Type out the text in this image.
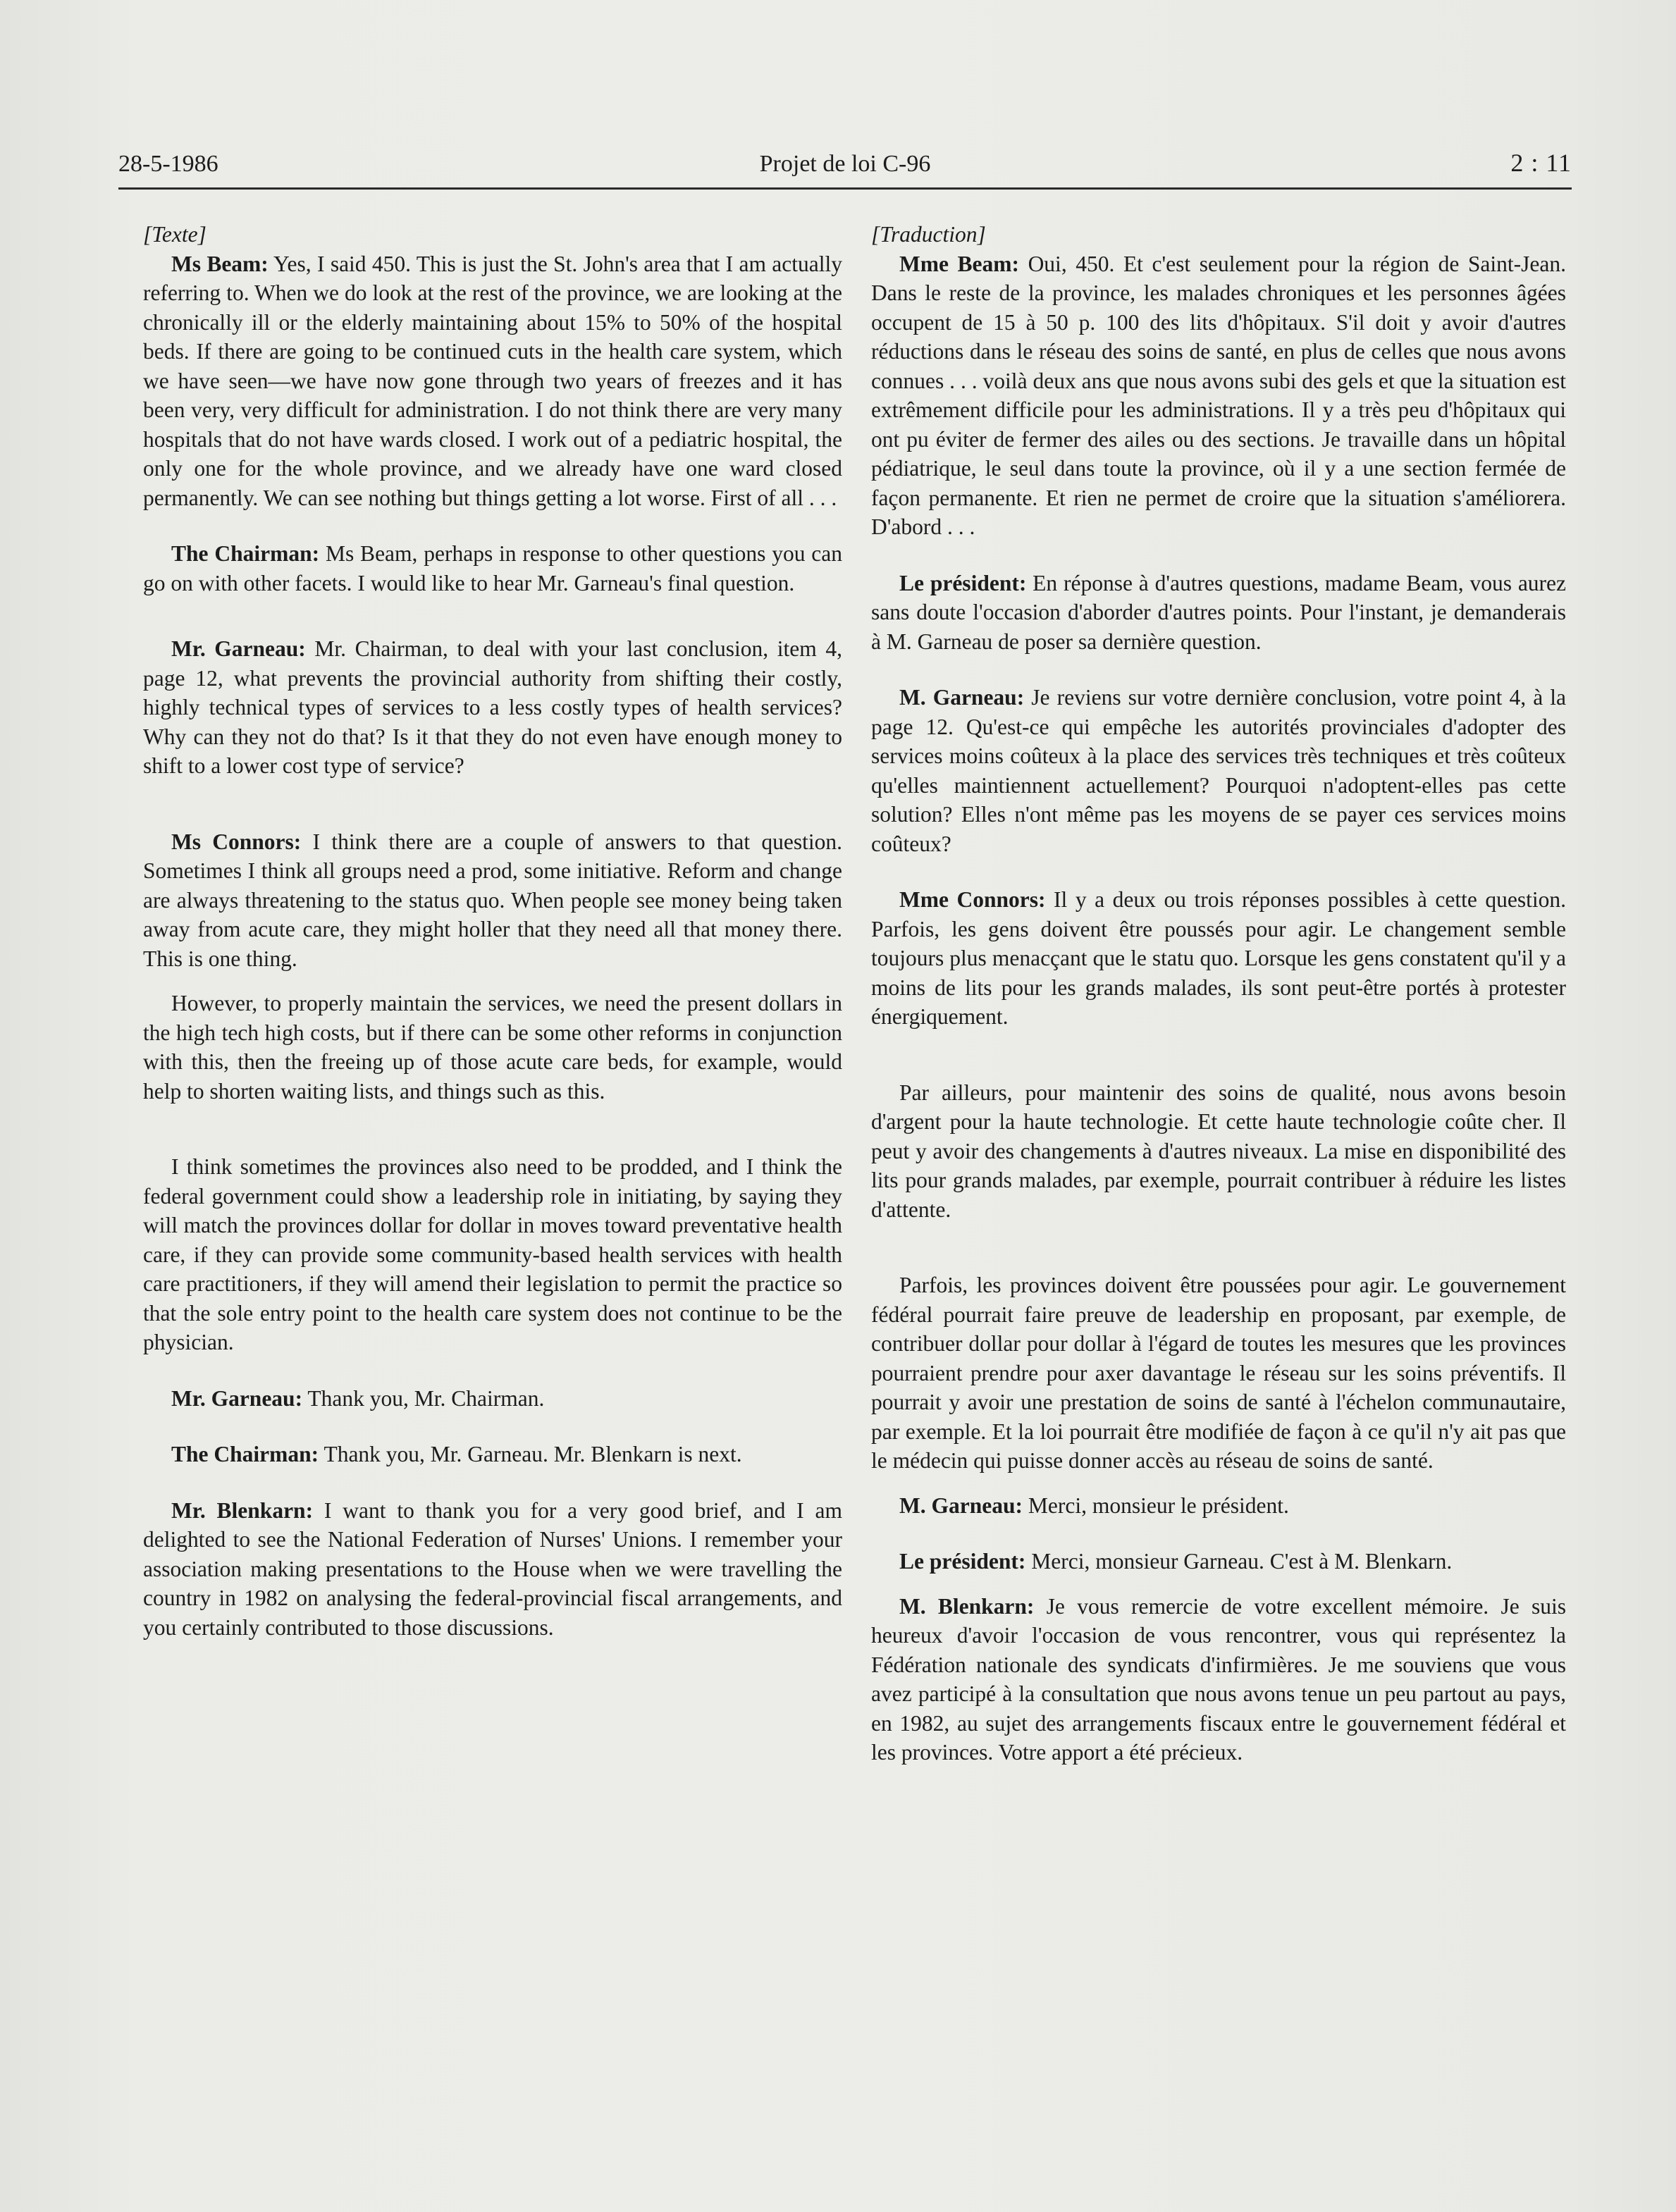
28-5-1986	Projet de loi C-96	2 : 11
[Texte]

Ms Beam: Yes, I said 450. This is just the St. John's area that I am actually referring to. When we do look at the rest of the province, we are looking at the chronically ill or the elderly maintaining about 15% to 50% of the hospital beds. If there are going to be continued cuts in the health care system, which we have seen—we have now gone through two years of freezes and it has been very, very difficult for administration. I do not think there are very many hospitals that do not have wards closed. I work out of a pediatric hospital, the only one for the whole province, and we already have one ward closed permanently. We can see nothing but things getting a lot worse. First of all . . .

The Chairman: Ms Beam, perhaps in response to other questions you can go on with other facets. I would like to hear Mr. Garneau's final question.

Mr. Garneau: Mr. Chairman, to deal with your last conclusion, item 4, page 12, what prevents the provincial authority from shifting their costly, highly technical types of services to a less costly types of health services? Why can they not do that? Is it that they do not even have enough money to shift to a lower cost type of service?

Ms Connors: I think there are a couple of answers to that question. Sometimes I think all groups need a prod, some initiative. Reform and change are always threatening to the status quo. When people see money being taken away from acute care, they might holler that they need all that money there. This is one thing.

However, to properly maintain the services, we need the present dollars in the high tech high costs, but if there can be some other reforms in conjunction with this, then the freeing up of those acute care beds, for example, would help to shorten waiting lists, and things such as this.

I think sometimes the provinces also need to be prodded, and I think the federal government could show a leadership role in initiating, by saying they will match the provinces dollar for dollar in moves toward preventative health care, if they can provide some community-based health services with health care practitioners, if they will amend their legislation to permit the practice so that the sole entry point to the health care system does not continue to be the physician.

Mr. Garneau: Thank you, Mr. Chairman.

The Chairman: Thank you, Mr. Garneau. Mr. Blenkarn is next.

Mr. Blenkarn: I want to thank you for a very good brief, and I am delighted to see the National Federation of Nurses' Unions. I remember your association making presentations to the House when we were travelling the country in 1982 on analysing the federal-provincial fiscal arrangements, and you certainly contributed to those discussions.

[Traduction]

Mme Beam: Oui, 450. Et c'est seulement pour la région de Saint-Jean. Dans le reste de la province, les malades chroniques et les personnes âgées occupent de 15 à 50 p. 100 des lits d'hôpitaux. S'il doit y avoir d'autres réductions dans le réseau des soins de santé, en plus de celles que nous avons connues . . . voilà deux ans que nous avons subi des gels et que la situation est extrêmement difficile pour les administrations. Il y a très peu d'hôpitaux qui ont pu éviter de fermer des ailes ou des sections. Je travaille dans un hôpital pédiatrique, le seul dans toute la province, où il y a une section fermée de façon permanente. Et rien ne permet de croire que la situation s'améliorera. D'abord . . .

Le président: En réponse à d'autres questions, madame Beam, vous aurez sans doute l'occasion d'aborder d'autres points. Pour l'instant, je demanderais à M. Garneau de poser sa dernière question.

M. Garneau: Je reviens sur votre dernière conclusion, votre point 4, à la page 12. Qu'est-ce qui empêche les autorités provinciales d'adopter des services moins coûteux à la place des services très techniques et très coûteux qu'elles maintiennent actuellement? Pourquoi n'adoptent-elles pas cette solution? Elles n'ont même pas les moyens de se payer ces services moins coûteux?

Mme Connors: Il y a deux ou trois réponses possibles à cette question. Parfois, les gens doivent être poussés pour agir. Le changement semble toujours plus menacçant que le statu quo. Lorsque les gens constatent qu'il y a moins de lits pour les grands malades, ils sont peut-être portés à protester énergiquement.

Par ailleurs, pour maintenir des soins de qualité, nous avons besoin d'argent pour la haute technologie. Et cette haute technologie coûte cher. Il peut y avoir des changements à d'autres niveaux. La mise en disponibilité des lits pour grands malades, par exemple, pourrait contribuer à réduire les listes d'attente.

Parfois, les provinces doivent être poussées pour agir. Le gouvernement fédéral pourrait faire preuve de leadership en proposant, par exemple, de contribuer dollar pour dollar à l'égard de toutes les mesures que les provinces pourraient prendre pour axer davantage le réseau sur les soins préventifs. Il pourrait y avoir une prestation de soins de santé à l'échelon communautaire, par exemple. Et la loi pourrait être modifiée de façon à ce qu'il n'y ait pas que le médecin qui puisse donner accès au réseau de soins de santé.

M. Garneau: Merci, monsieur le président.

Le président: Merci, monsieur Garneau. C'est à M. Blenkarn.

M. Blenkarn: Je vous remercie de votre excellent mémoire. Je suis heureux d'avoir l'occasion de vous rencontrer, vous qui représentez la Fédération nationale des syndicats d'infirmières. Je me souviens que vous avez participé à la consultation que nous avons tenue un peu partout au pays, en 1982, au sujet des arrangements fiscaux entre le gouvernement fédéral et les provinces. Votre apport a été précieux.
